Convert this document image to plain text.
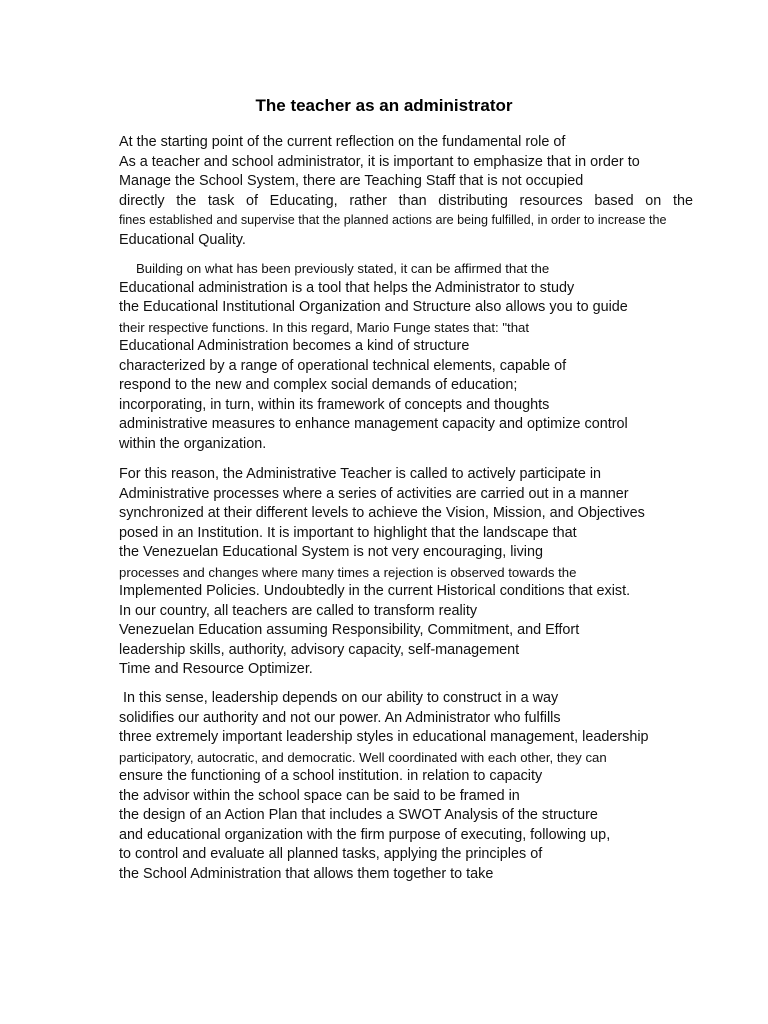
The teacher as an administrator
At the starting point of the current reflection on the fundamental role of
As a teacher and school administrator, it is important to emphasize that in order to
Manage the School System, there are Teaching Staff that is not occupied
directly the task of Educating, rather than distributing resources based on the
fines established and supervise that the planned actions are being fulfilled, in order to increase the
Educational Quality.
Building on what has been previously stated, it can be affirmed that the
Educational administration is a tool that helps the Administrator to study
the Educational Institutional Organization and Structure also allows you to guide
their respective functions. In this regard, Mario Funge states that: "that
Educational Administration becomes a kind of structure
characterized by a range of operational technical elements, capable of
respond to the new and complex social demands of education;
incorporating, in turn, within its framework of concepts and thoughts
administrative measures to enhance management capacity and optimize control
within the organization.
For this reason, the Administrative Teacher is called to actively participate in
Administrative processes where a series of activities are carried out in a manner
synchronized at their different levels to achieve the Vision, Mission, and Objectives
posed in an Institution. It is important to highlight that the landscape that
the Venezuelan Educational System is not very encouraging, living
processes and changes where many times a rejection is observed towards the
Implemented Policies. Undoubtedly in the current Historical conditions that exist.
In our country, all teachers are called to transform reality
Venezuelan Education assuming Responsibility, Commitment, and Effort
leadership skills, authority, advisory capacity, self-management
Time and Resource Optimizer.
In this sense, leadership depends on our ability to construct in a way
solidifies our authority and not our power. An Administrator who fulfills
three extremely important leadership styles in educational management, leadership
participatory, autocratic, and democratic. Well coordinated with each other, they can
ensure the functioning of a school institution. in relation to capacity
the advisor within the school space can be said to be framed in
the design of an Action Plan that includes a SWOT Analysis of the structure
and educational organization with the firm purpose of executing, following up,
to control and evaluate all planned tasks, applying the principles of
the School Administration that allows them together to take
